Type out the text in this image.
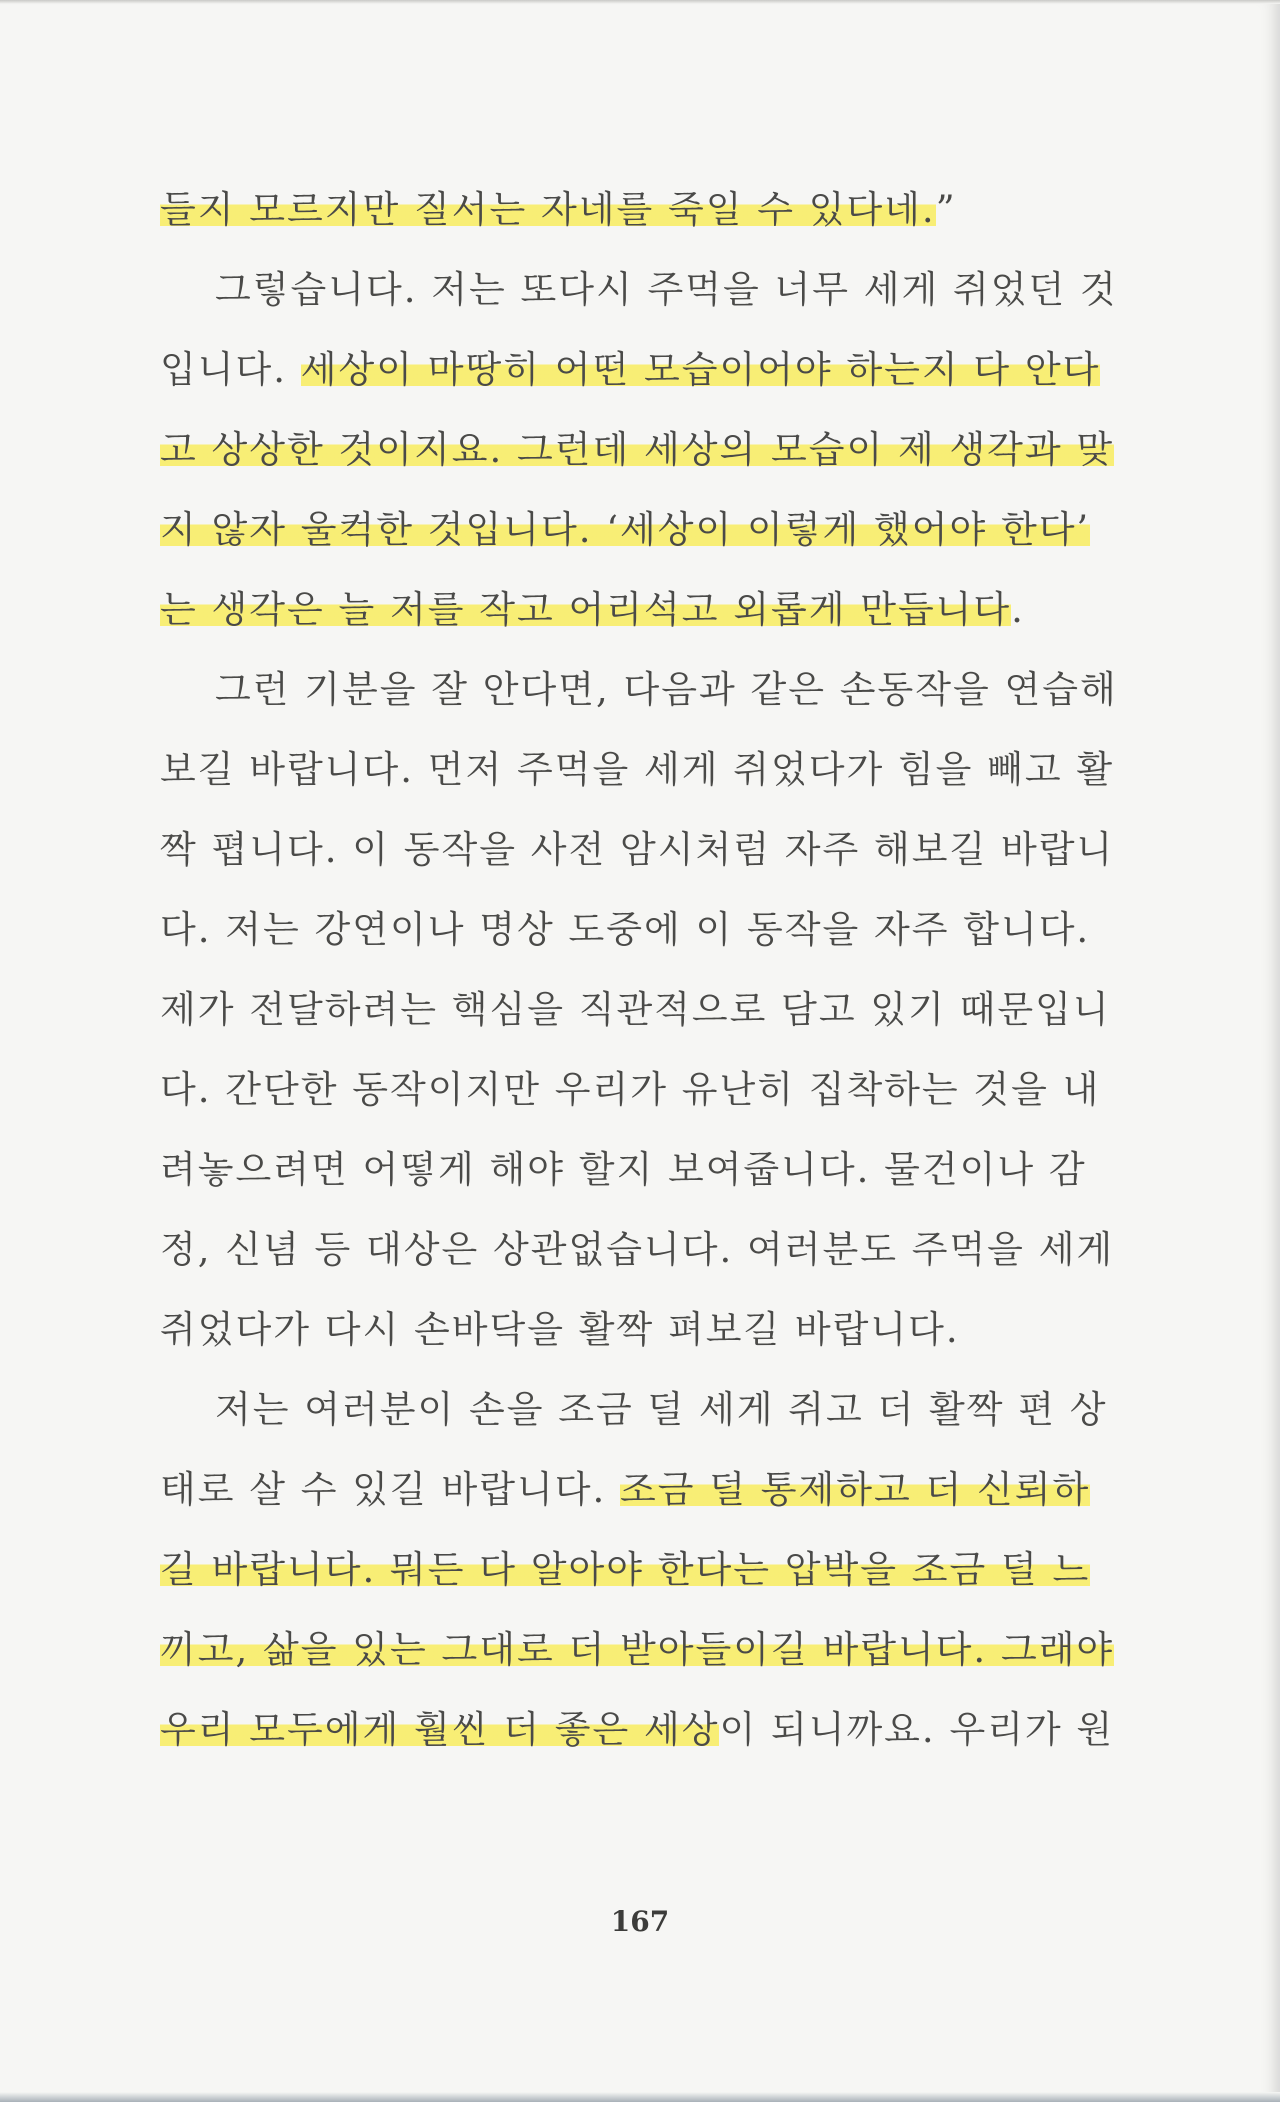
들지 모르지만 질서는 자네를 죽일 수 있다네.”
그렇습니다. 저는 또다시 주먹을 너무 세게 쥐었던 것
입니다. 세상이 마땅히 어떤 모습이어야 하는지 다 안다
고 상상한 것이지요. 그런데 세상의 모습이 제 생각과 맞
지 않자 울컥한 것입니다. ‘세상이 이렇게 했어야 한다’
는 생각은 늘 저를 작고 어리석고 외롭게 만듭니다.
그런 기분을 잘 안다면, 다음과 같은 손동작을 연습해
보길 바랍니다. 먼저 주먹을 세게 쥐었다가 힘을 빼고 활
짝 폅니다. 이 동작을 사전 암시처럼 자주 해보길 바랍니
다. 저는 강연이나 명상 도중에 이 동작을 자주 합니다.
제가 전달하려는 핵심을 직관적으로 담고 있기 때문입니
다. 간단한 동작이지만 우리가 유난히 집착하는 것을 내
려놓으려면 어떻게 해야 할지 보여줍니다. 물건이나 감
정, 신념 등 대상은 상관없습니다. 여러분도 주먹을 세게
쥐었다가 다시 손바닥을 활짝 펴보길 바랍니다.
저는 여러분이 손을 조금 덜 세게 쥐고 더 활짝 편 상
태로 살 수 있길 바랍니다. 조금 덜 통제하고 더 신뢰하
길 바랍니다. 뭐든 다 알아야 한다는 압박을 조금 덜 느
끼고, 삶을 있는 그대로 더 받아들이길 바랍니다. 그래야
우리 모두에게 훨씬 더 좋은 세상이 되니까요. 우리가 원
167
